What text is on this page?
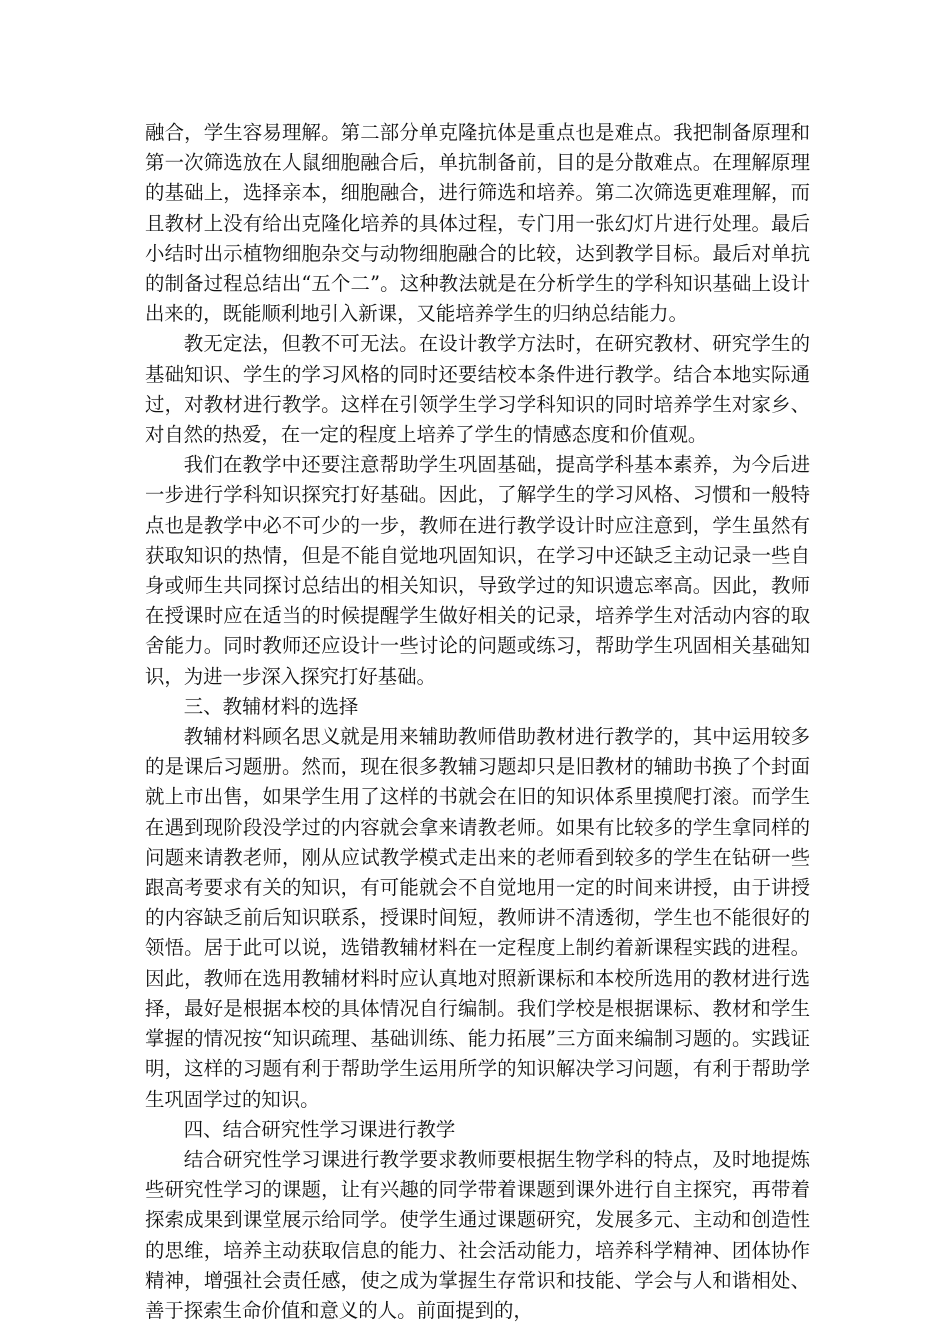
融合，学生容易理解。第二部分单克隆抗体是重点也是难点。我把制备原理和第一次筛选放在人鼠细胞融合后，单抗制备前，目的是分散难点。在理解原理的基础上，选择亲本，细胞融合，进行筛选和培养。第二次筛选更难理解，而且教材上没有给出克隆化培养的具体过程，专门用一张幻灯片进行处理。最后小结时出示植物细胞杂交与动物细胞融合的比较，达到教学目标。最后对单抗的制备过程总结出“五个二”。这种教法就是在分析学生的学科知识基础上设计出来的，既能顺利地引入新课，又能培养学生的归纳总结能力。

教无定法，但教不可无法。在设计教学方法时，在研究教材、研究学生的基础知识、学生的学习风格的同时还要结校本条件进行教学。结合本地实际通过，对教材进行教学。这样在引领学生学习学科知识的同时培养学生对家乡、对自然的热爱，在一定的程度上培养了学生的情感态度和价值观。

我们在教学中还要注意帮助学生巩固基础，提高学科基本素养，为今后进一步进行学科知识探究打好基础。因此，了解学生的学习风格、习惯和一般特点也是教学中必不可少的一步，教师在进行教学设计时应注意到，学生虽然有获取知识的热情，但是不能自觉地巩固知识，在学习中还缺乏主动记录一些自身或师生共同探讨总结出的相关知识，导致学过的知识遗忘率高。因此，教师在授课时应在适当的时候提醒学生做好相关的记录，培养学生对活动内容的取舍能力。同时教师还应设计一些讨论的问题或练习，帮助学生巩固相关基础知识，为进一步深入探究打好基础。

三、教辅材料的选择

教辅材料顾名思义就是用来辅助教师借助教材进行教学的，其中运用较多的是课后习题册。然而，现在很多教辅习题却只是旧教材的辅助书换了个封面就上市出售，如果学生用了这样的书就会在旧的知识体系里摸爬打滚。而学生在遇到现阶段没学过的内容就会拿来请教老师。如果有比较多的学生拿同样的问题来请教老师，刚从应试教学模式走出来的老师看到较多的学生在钻研一些跟高考要求有关的知识，有可能就会不自觉地用一定的时间来讲授，由于讲授的内容缺乏前后知识联系，授课时间短，教师讲不清透彻，学生也不能很好的领悟。居于此可以说，选错教辅材料在一定程度上制约着新课程实践的进程。因此，教师在选用教辅材料时应认真地对照新课标和本校所选用的教材进行选择，最好是根据本校的具体情况自行编制。我们学校是根据课标、教材和学生掌握的情况按“知识疏理、基础训练、能力拓展”三方面来编制习题的。实践证明，这样的习题有利于帮助学生运用所学的知识解决学习问题，有利于帮助学生巩固学过的知识。

四、结合研究性学习课进行教学

结合研究性学习课进行教学要求教师要根据生物学科的特点，及时地提炼些研究性学习的课题，让有兴趣的同学带着课题到课外进行自主探究，再带着探索成果到课堂展示给同学。使学生通过课题研究，发展多元、主动和创造性的思维，培养主动获取信息的能力、社会活动能力，培养科学精神、团体协作精神，增强社会责任感，使之成为掌握生存常识和技能、学会与人和谐相处、善于探索生命价值和意义的人。前面提到的，
